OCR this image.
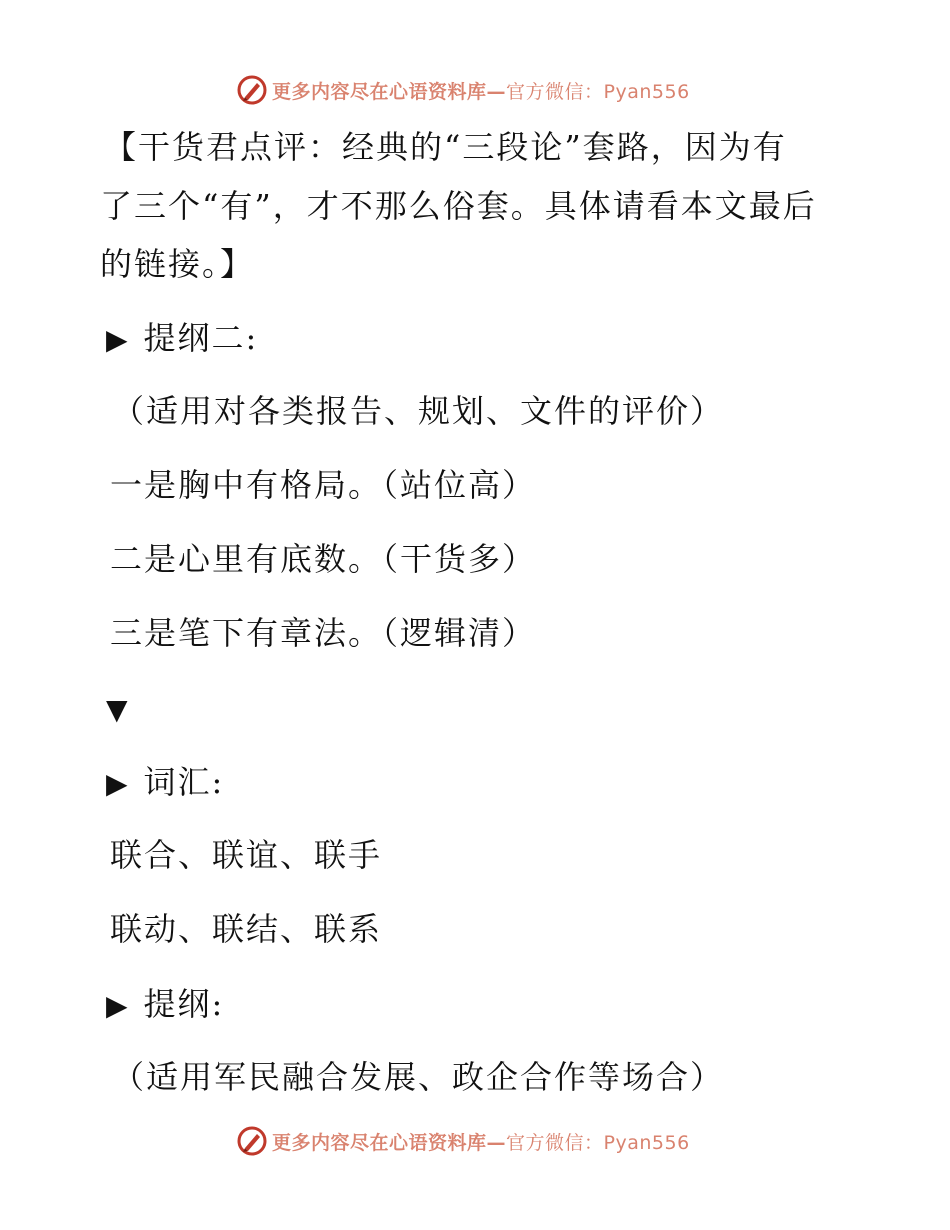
更多内容尽在心语资料库— 官方微信：Pyan556
【干货君点评：经典的“三段论”套路，因为有
了三个“有”，才不那么俗套。具体请看本文最后
的链接。】
▶ 提纲二:
（适用对各类报告、规划、文件的评价）
一是胸中有格局。（站位高）
二是心里有底数。（干货多）
三是笔下有章法。（逻辑清）
▼
▶ 词汇:
联合、联谊、联手
联动、联结、联系
▶ 提纲:
（适用军民融合发展、政企合作等场合）
更多内容尽在心语资料库— 官方微信：Pyan556
